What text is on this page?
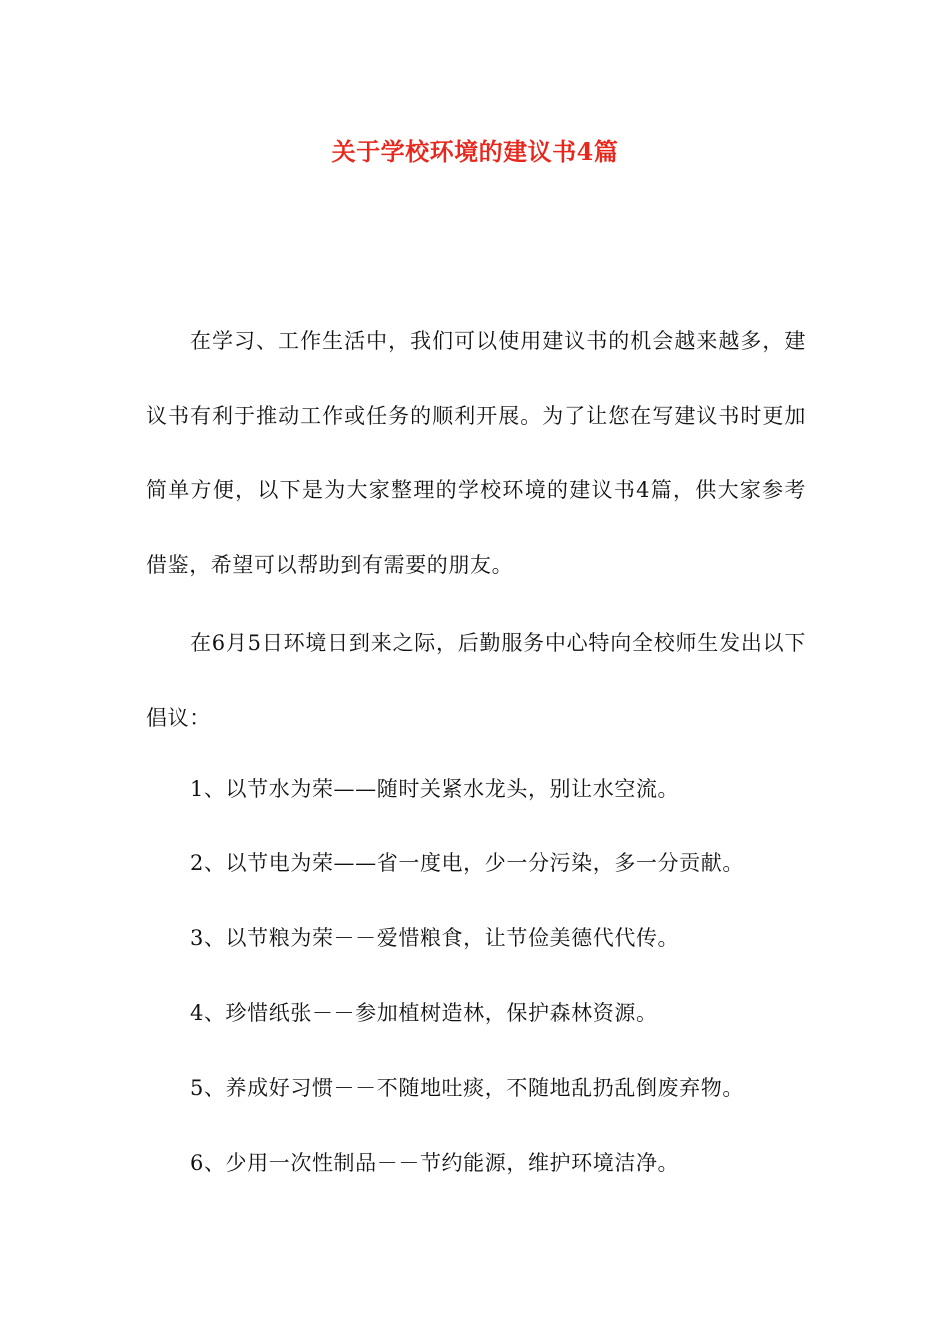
关于学校环境的建议书4篇

在学习、工作生活中，我们可以使用建议书的机会越来越多，建议书有利于推动工作或任务的顺利开展。为了让您在写建议书时更加简单方便，以下是为大家整理的学校环境的建议书4篇，供大家参考借鉴，希望可以帮助到有需要的朋友。

在6月5日环境日到来之际，后勤服务中心特向全校师生发出以下倡议：

1、以节水为荣——随时关紧水龙头，别让水空流。

2、以节电为荣——省一度电，少一分污染，多一分贡献。

3、以节粮为荣－－爱惜粮食，让节俭美德代代传。

4、珍惜纸张－－参加植树造林，保护森林资源。

5、养成好习惯－－不随地吐痰，不随地乱扔乱倒废弃物。

6、少用一次性制品－－节约能源，维护环境洁净。
